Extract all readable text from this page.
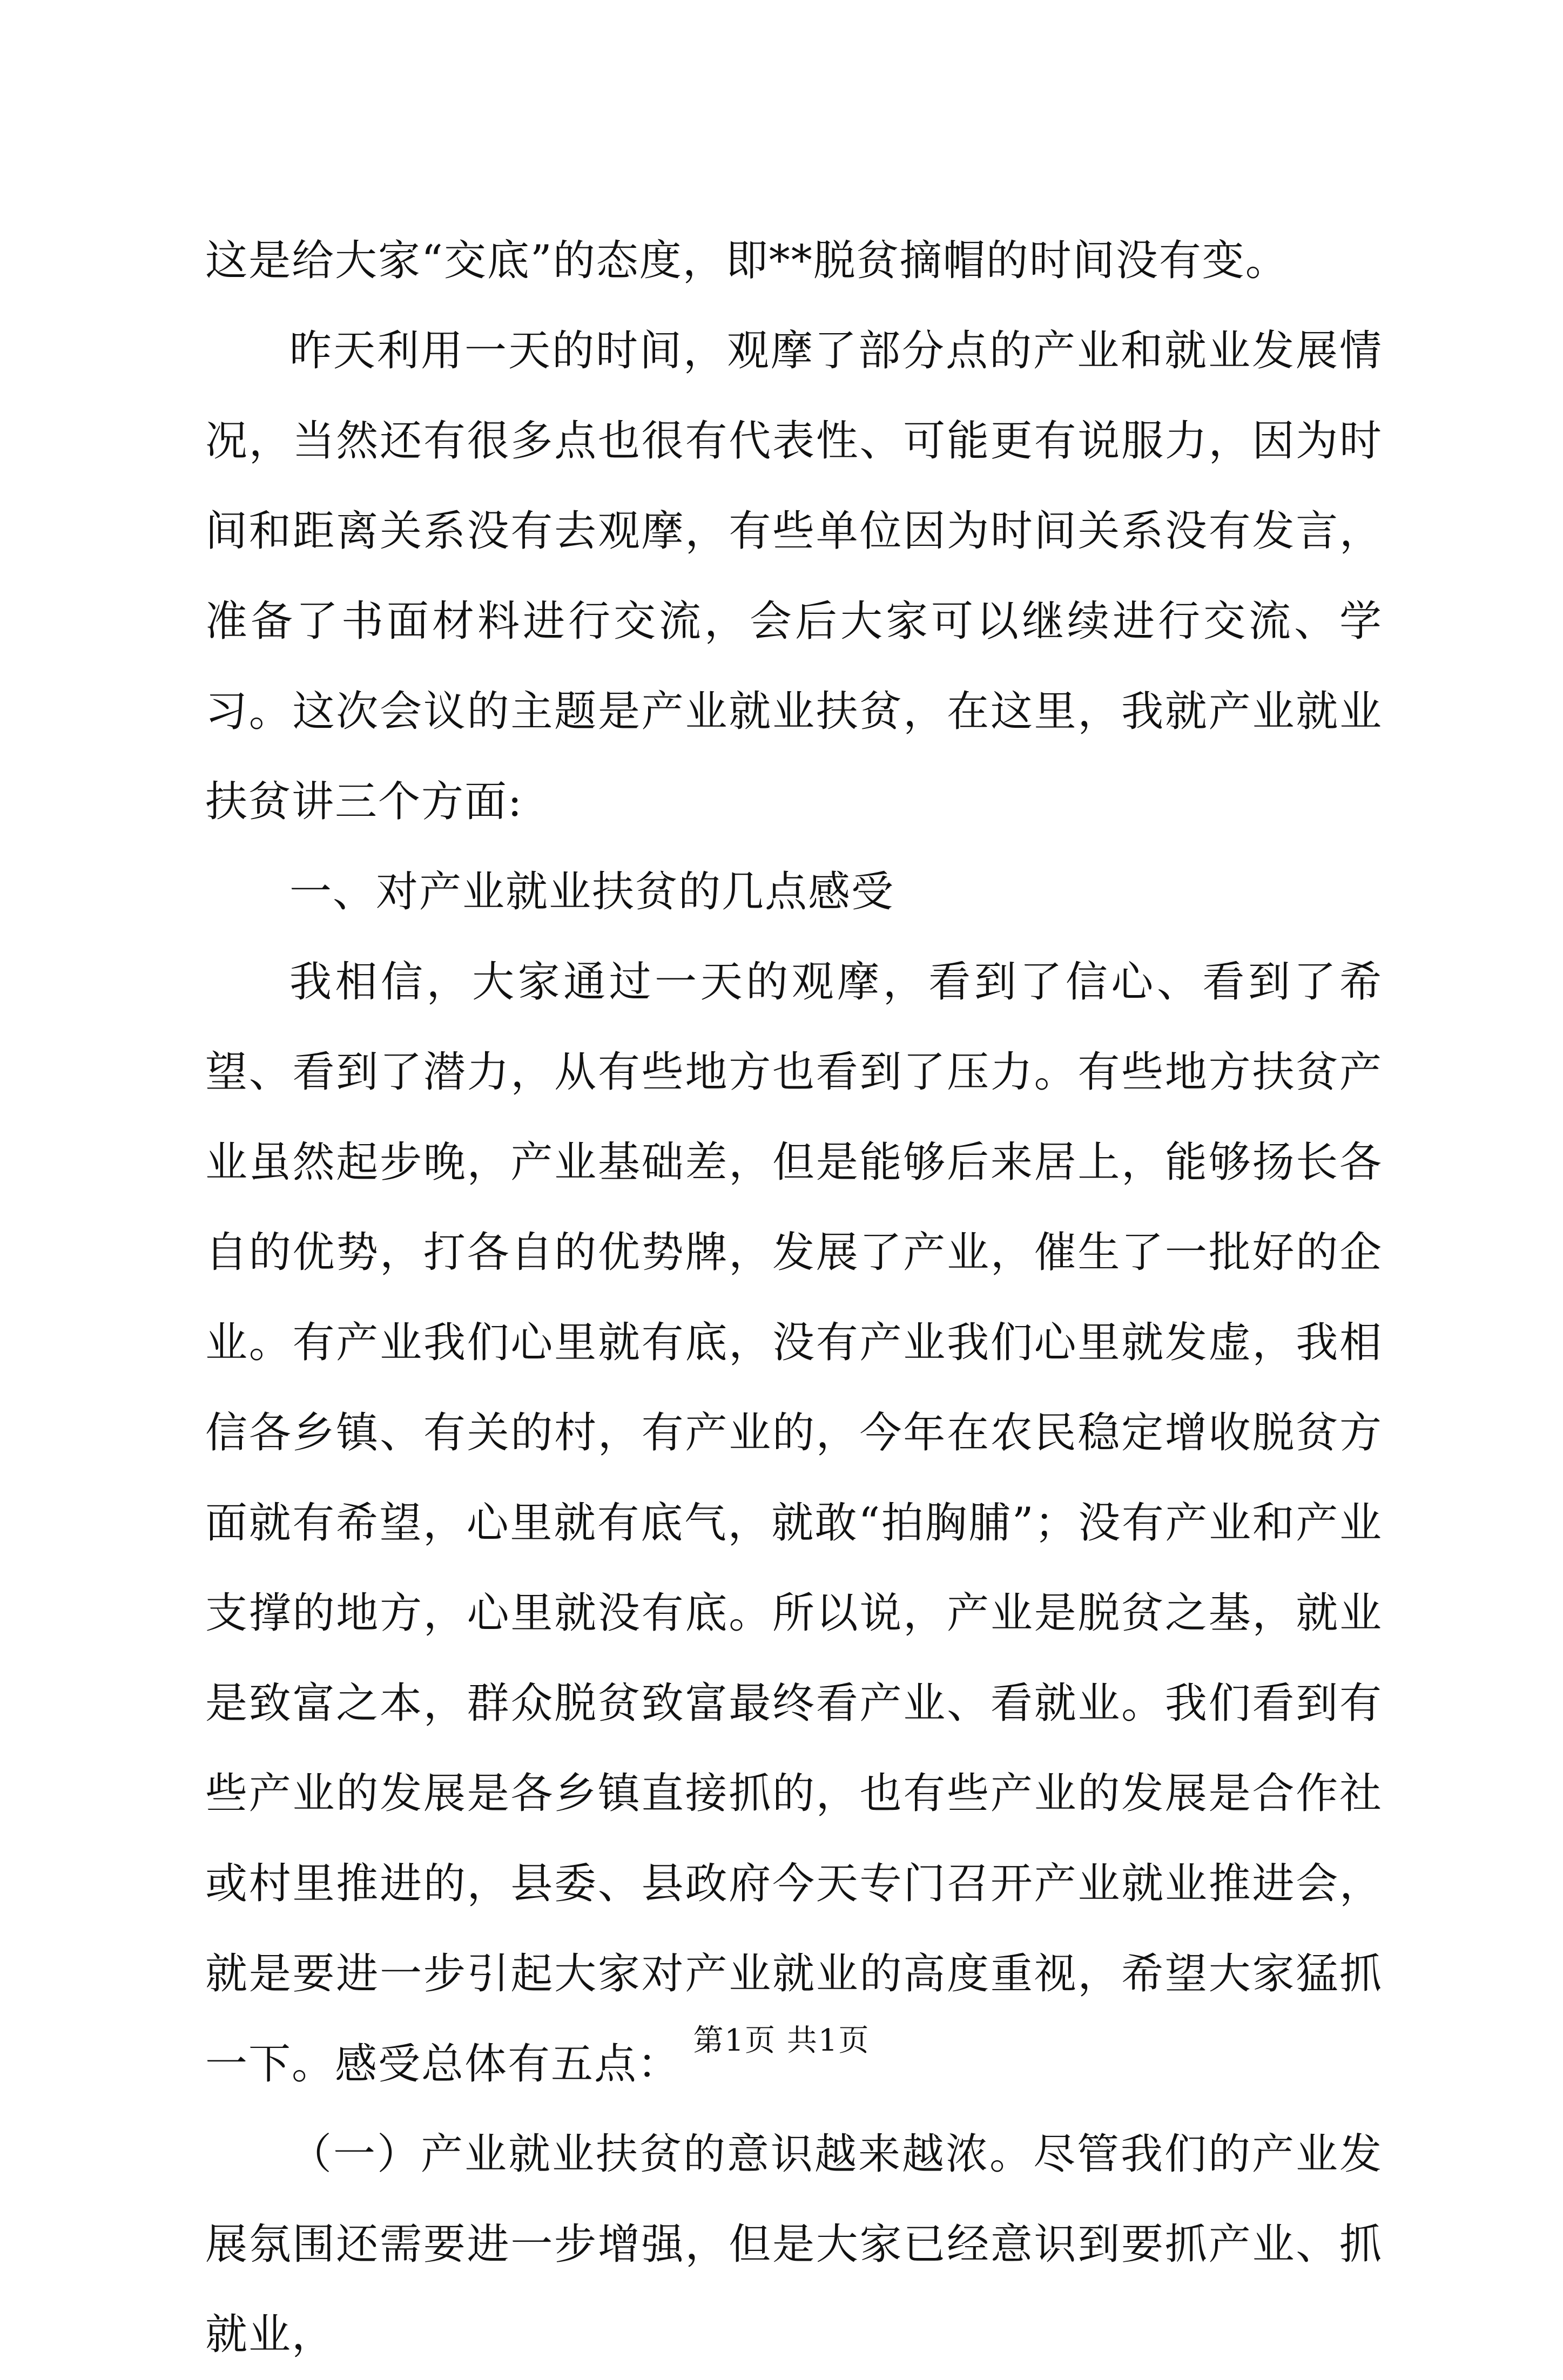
这是给大家“交底”的态度，即**脱贫摘帽的时间没有变。

昨天利用一天的时间，观摩了部分点的产业和就业发展情况，当然还有很多点也很有代表性、可能更有说服力，因为时间和距离关系没有去观摩，有些单位因为时间关系没有发言，准备了书面材料进行交流，会后大家可以继续进行交流、学习。这次会议的主题是产业就业扶贫，在这里，我就产业就业扶贫讲三个方面:

一、对产业就业扶贫的几点感受

我相信，大家通过一天的观摩，看到了信心、看到了希望、看到了潜力，从有些地方也看到了压力。有些地方扶贫产业虽然起步晚，产业基础差，但是能够后来居上，能够扬长各自的优势，打各自的优势牌，发展了产业，催生了一批好的企业。有产业我们心里就有底，没有产业我们心里就发虚，我相信各乡镇、有关的村，有产业的，今年在农民稳定增收脱贫方面就有希望，心里就有底气，就敢“拍胸脯”；没有产业和产业支撑的地方，心里就没有底。所以说，产业是脱贫之基，就业是致富之本，群众脱贫致富最终看产业、看就业。我们看到有些产业的发展是各乡镇直接抓的，也有些产业的发展是合作社或村里推进的，县委、县政府今天专门召开产业就业推进会，就是要进一步引起大家对产业就业的高度重视，希望大家猛抓一下。感受总体有五点：

（一）产业就业扶贫的意识越来越浓。尽管我们的产业发展氛围还需要进一步增强，但是大家已经意识到要抓产业、抓就业，

第1页 共1页
